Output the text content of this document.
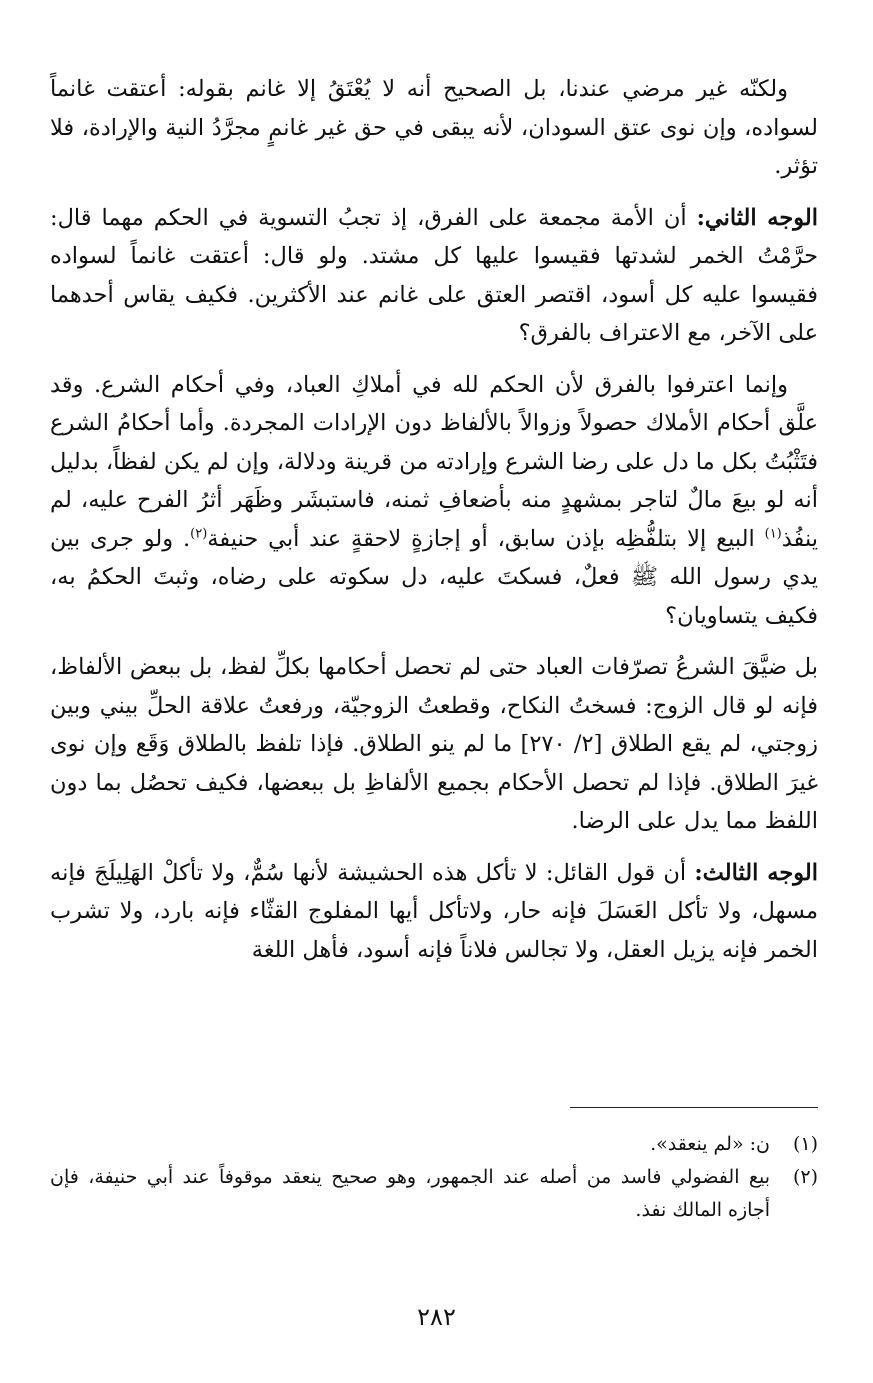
ولكنّه غير مرضي عندنا، بل الصحيح أنه لا يُعْتَقُ إلا غانم بقوله: أعتقت غانماً لسواده، وإن نوى عتق السودان، لأنه يبقى في حق غير غانمٍ مجرَّدُ النية والإرادة، فلا تؤثر.

الوجه الثاني: أن الأمة مجمعة على الفرق، إذ تجبُ التسوية في الحكم مهما قال: حرَّمْتُ الخمر لشدتها فقيسوا عليها كل مشتد. ولو قال: أعتقت غانماً لسواده فقيسوا عليه كل أسود، اقتصر العتق على غانم عند الأكثرين. فكيف يقاس أحدهما على الآخر، مع الاعتراف بالفرق؟

وإنما اعترفوا بالفرق لأن الحكم لله في أملاكِ العباد، وفي أحكام الشرع. وقد علَّق أحكام الأملاك حصولاً وزوالاً بالألفاظ دون الإرادات المجردة. وأما أحكامُ الشرع فتَثْبُتُ بكل ما دل على رضا الشرع وإرادته من قرينة ودلالة، وإن لم يكن لفظاً، بدليل أنه لو بيعَ مالٌ لتاجر بمشهدٍ منه بأضعافِ ثمنه، فاستبشَر وظَهَر أثرُ الفرح عليه، لم ينفُذ$^{(١)}$ البيع إلا بتلفُّظِه بإذن سابق، أو إجازةٍ لاحقةٍ عند أبي حنيفة$^{(٢)}$. ولو جرى بين يدي رسول الله ﷺ فعلٌ، فسكتَ عليه، دل سكوته على رضاه، وثبتَ الحكمُ به، فكيف يتساويان؟

بل ضيَّقَ الشرعُ تصرّفات العباد حتى لم تحصل أحكامها بكلِّ لفظ، بل ببعض الألفاظ، فإنه لو قال الزوج: فسختُ النكاح، وقطعتُ الزوجيّة، ورفعتُ علاقة الحلِّ بيني وبين زوجتي، لم يقع الطلاق [٢/ ٢٧٠] ما لم ينو الطلاق. فإذا تلفظ بالطلاق وَقَع وإن نوى غيرَ الطلاق. فإذا لم تحصل الأحكام بجميع الألفاظِ بل ببعضها، فكيف تحصُل بما دون اللفظ مما يدل على الرضا.

الوجه الثالث: أن قول القائل: لا تأكل هذه الحشيشة لأنها سُمٌّ، ولا تأكلْ الهَلِيلَجَ فإنه مسهل، ولا تأكل العَسَلَ فإنه حار، ولاتأكل أيها المفلوج القثّاء فإنه بارد، ولا تشرب الخمر فإنه يزيل العقل، ولا تجالس فلاناً فإنه أسود، فأهل اللغة

(١)
ن: «لم ينعقد».
(٢)
بيع الفضولي فاسد من أصله عند الجمهور، وهو صحيح ينعقد موقوفاً عند أبي حنيفة، فإن أجازه المالك نفذ.
٢٨٢
